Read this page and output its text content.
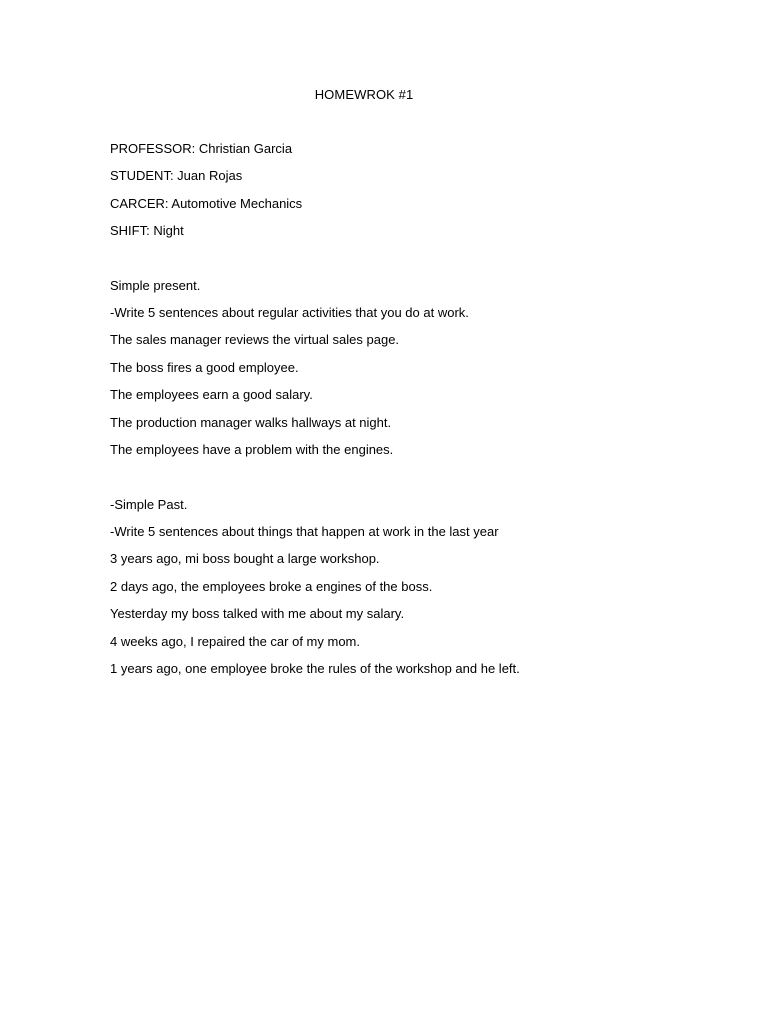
HOMEWROK #1
PROFESSOR: Christian Garcia
STUDENT: Juan Rojas
CARCER: Automotive Mechanics
SHIFT: Night
Simple present.
-Write 5 sentences about regular activities that you do at work.
The sales manager reviews the virtual sales page.
The boss fires a good employee.
The employees earn a good salary.
The production manager walks hallways at night.
The employees have a problem with the engines.
-Simple Past.
-Write 5 sentences about things that happen at work in the last year
3 years ago, mi boss bought a large workshop.
2 days ago, the employees broke a engines of the boss.
Yesterday my boss talked with me about my salary.
4 weeks ago, I repaired the car of my mom.
1 years ago, one employee broke the rules of the workshop and he left.
